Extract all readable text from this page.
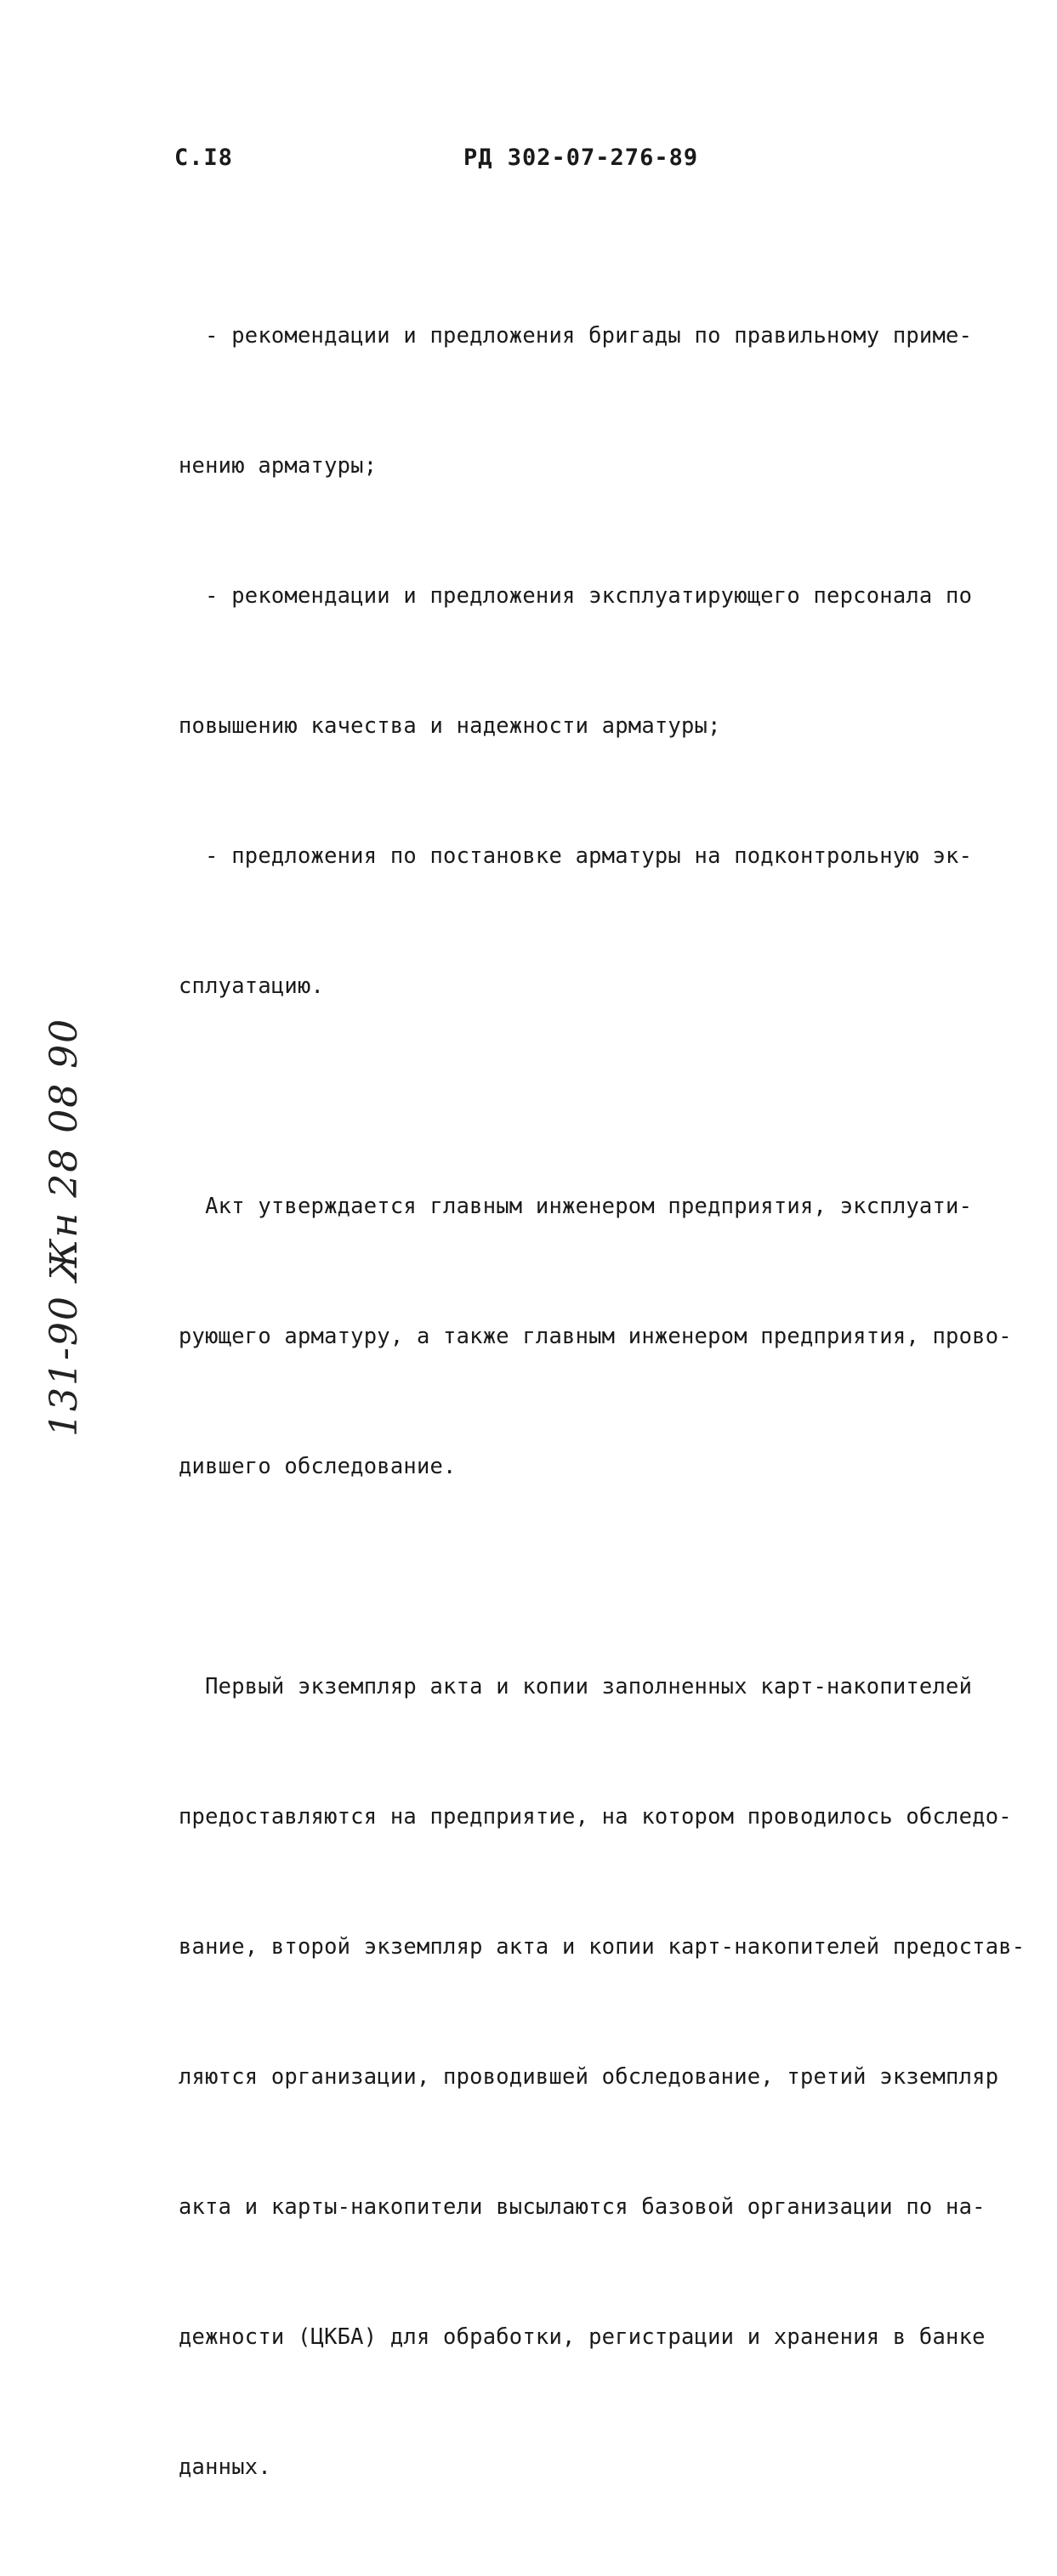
С.I8	РД 302-07-276-89

- рекомендации и предложения бригады по правильному приме-

нению арматуры;

- рекомендации и предложения эксплуатирующего персонала по

повышению качества и надежности арматуры;

- предложения по постановке арматуры на подконтрольную эк-

сплуатацию.

Акт утверждается главным инженером предприятия, эксплуати-

рующего арматуру, а также главным инженером предприятия, прово-

дившего обследование.

Первый экземпляр акта и копии заполненных карт-накопителей

предоставляются на предприятие, на котором проводилось обследо-

вание, второй экземпляр акта и копии карт-накопителей предостав-

ляются организации, проводившей обследование, третий экземпляр

акта и карты-накопители высылаются базовой организации по на-

дежности (ЦКБА) для обработки, регистрации и хранения в банке

данных.

131-90 Жн 28 08 90
